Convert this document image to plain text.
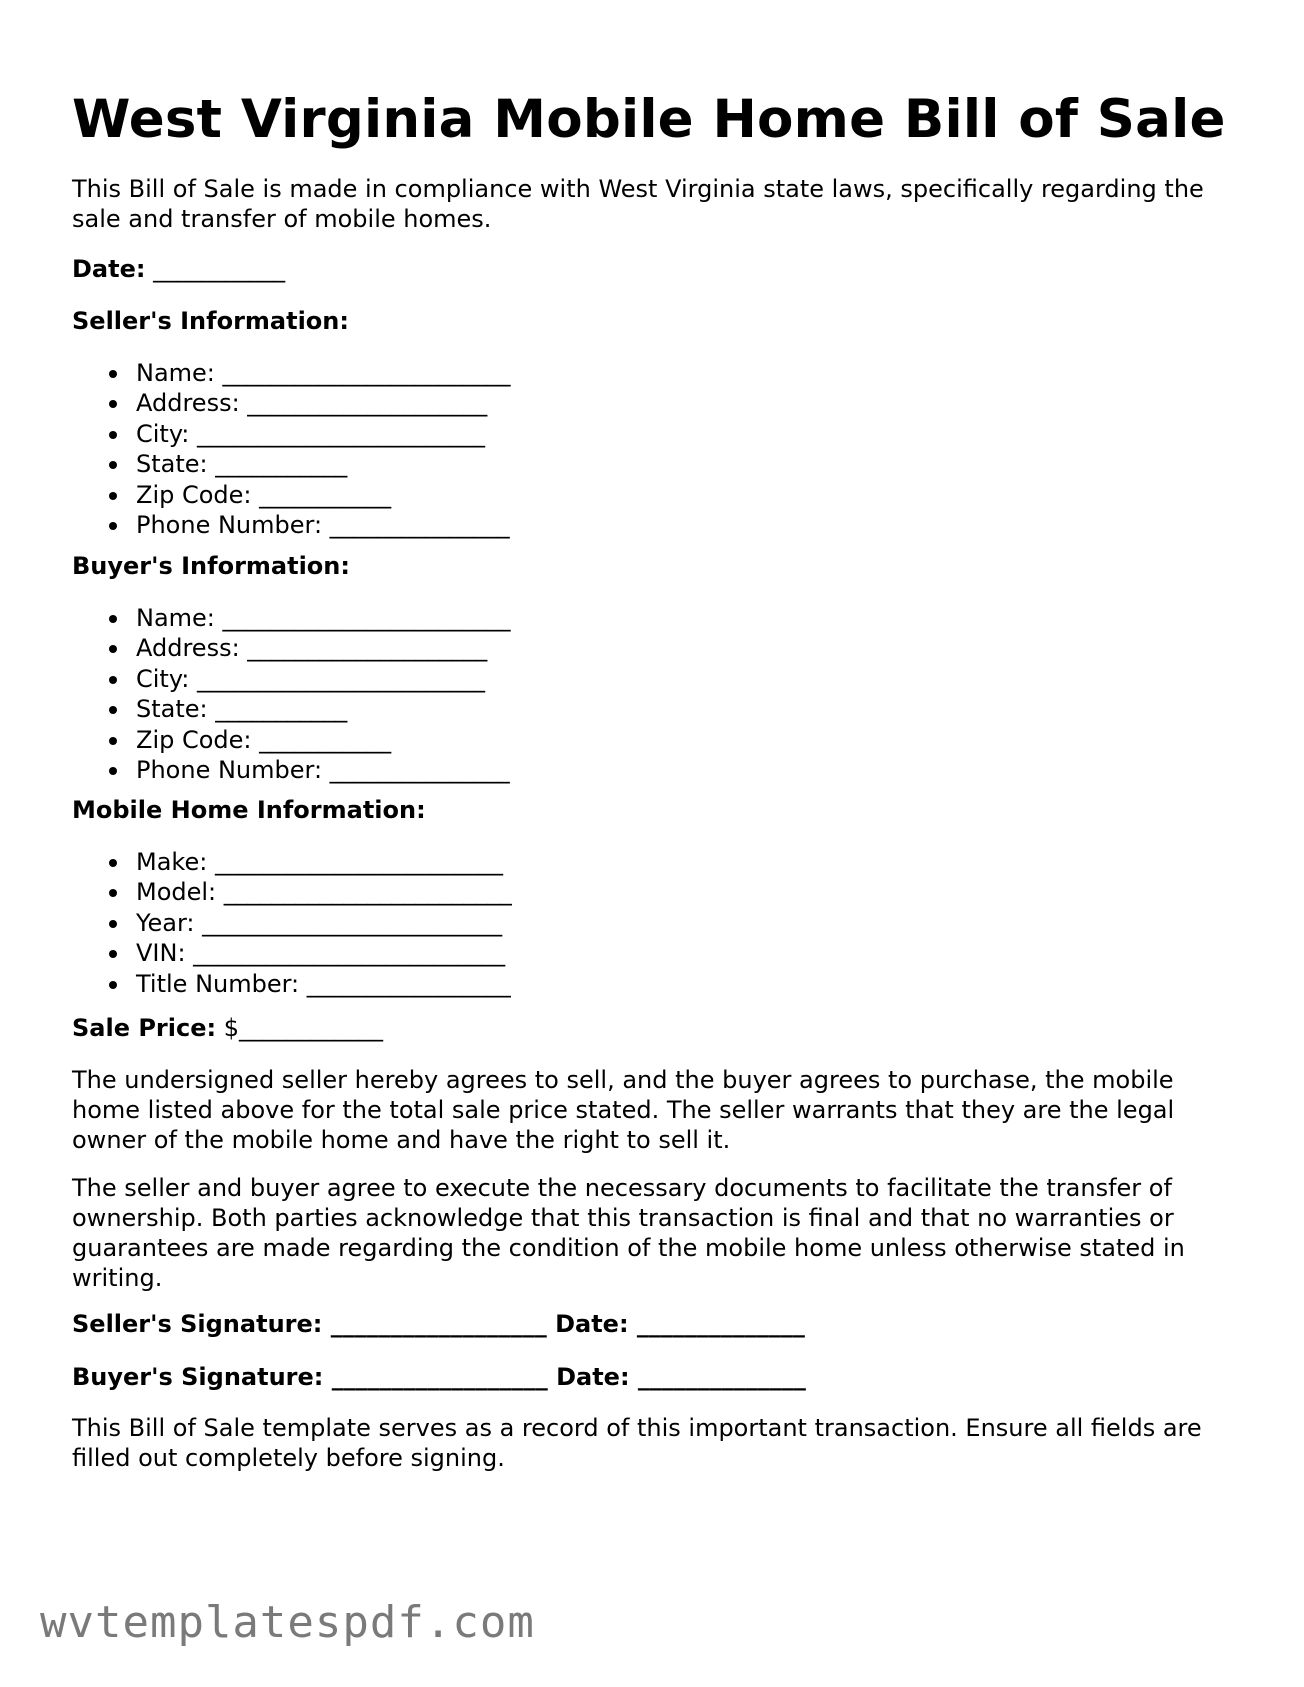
West Virginia Mobile Home Bill of Sale

This Bill of Sale is made in compliance with West Virginia state laws, specifically regarding the sale and transfer of mobile homes.

Date: ___________
Seller's Information:
Name: ________________________
Address: ____________________
City: ________________________
State: ___________
Zip Code: ___________
Phone Number: _______________
Buyer's Information:
Name: ________________________
Address: ____________________
City: ________________________
State: ___________
Zip Code: ___________
Phone Number: _______________
Mobile Home Information:
Make: ________________________
Model: ________________________
Year: _________________________
VIN: __________________________
Title Number: _________________
Sale Price: $____________

The undersigned seller hereby agrees to sell, and the buyer agrees to purchase, the mobile home listed above for the total sale price stated. The seller warrants that they are the legal owner of the mobile home and have the right to sell it.

The seller and buyer agree to execute the necessary documents to facilitate the transfer of ownership. Both parties acknowledge that this transaction is final and that no warranties or guarantees are made regarding the condition of the mobile home unless otherwise stated in writing.

Seller's Signature: __________________ Date: ______________
Buyer's Signature: __________________ Date: ______________

This Bill of Sale template serves as a record of this important transaction. Ensure all fields are filled out completely before signing.

wvtemplatespdf.com
